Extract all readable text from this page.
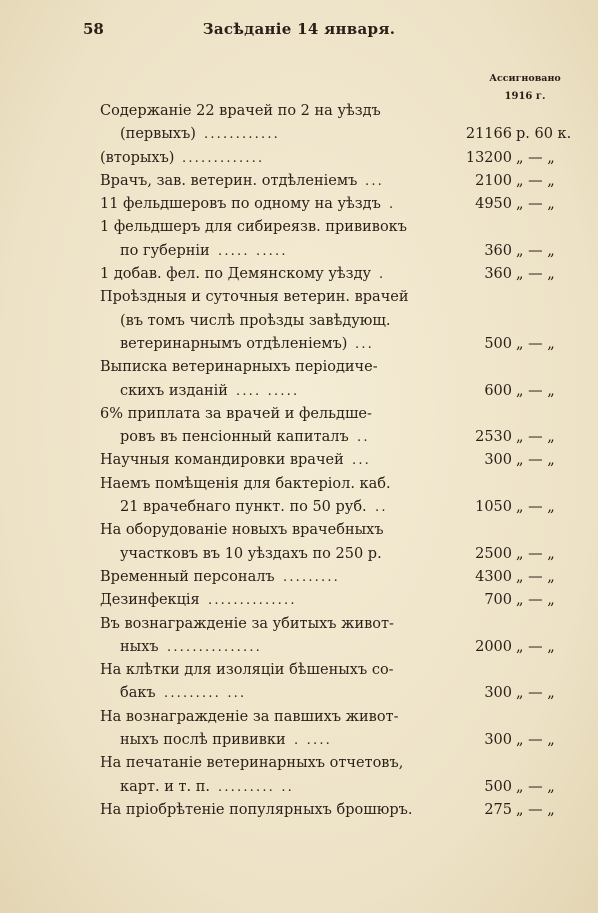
58	Засѣданіе 14 января.
Ассигновано
1916 г.
Содержаніе 22 врачей по 2 на уѣздъ
(первыхъ) ............	21166 р. 60 к.
(вторыхъ) .............	13200 „ — „
Врачъ, зав. ветерин. отдѣленіемъ ...	2100 „ — „
11 фельдшеровъ по одному на уѣздъ .	4950 „ — „
1 фельдшеръ для сибиреязв. прививокъ
по губерніи ..... .....	360 „ — „
1 добав. фел. по Демянскому уѣзду .	360 „ — „
Проѣздныя и суточныя ветерин. врачей
(въ томъ числѣ проѣзды завѣдующ.
ветеринарнымъ отдѣленіемъ) ...	500 „ — „
Выписка ветеринарныхъ періодиче-
скихъ изданій .... .....	600 „ — „
6% приплата за врачей и фельдше-
ровъ въ пенсіонный капиталъ ..	2530 „ — „
Научныя командировки врачей ...	300 „ — „
Наемъ помѣщенія для бактеріол. каб.
21 врачебнаго пункт. по 50 руб. ..	1050 „ — „
На оборудованіе новыхъ врачебныхъ
участковъ въ 10 уѣздахъ по 250 р.	2500 „ — „
Временный персоналъ .........	4300 „ — „
Дезинфекція ..............	700 „ — „
Въ вознагражденіе за убитыхъ живот-
ныхъ ...............	2000 „ — „
На клѣтки для изоляціи бѣшеныхъ со-
бакъ ......... ...	300 „ — „
На вознагражденіе за павшихъ живот-
ныхъ послѣ прививки . ....	300 „ — „
На печатаніе ветеринарныхъ отчетовъ,
карт. и т. п. ......... ..	500 „ — „
На пріобрѣтеніе популярныхъ брошюръ.	275 „ — „
